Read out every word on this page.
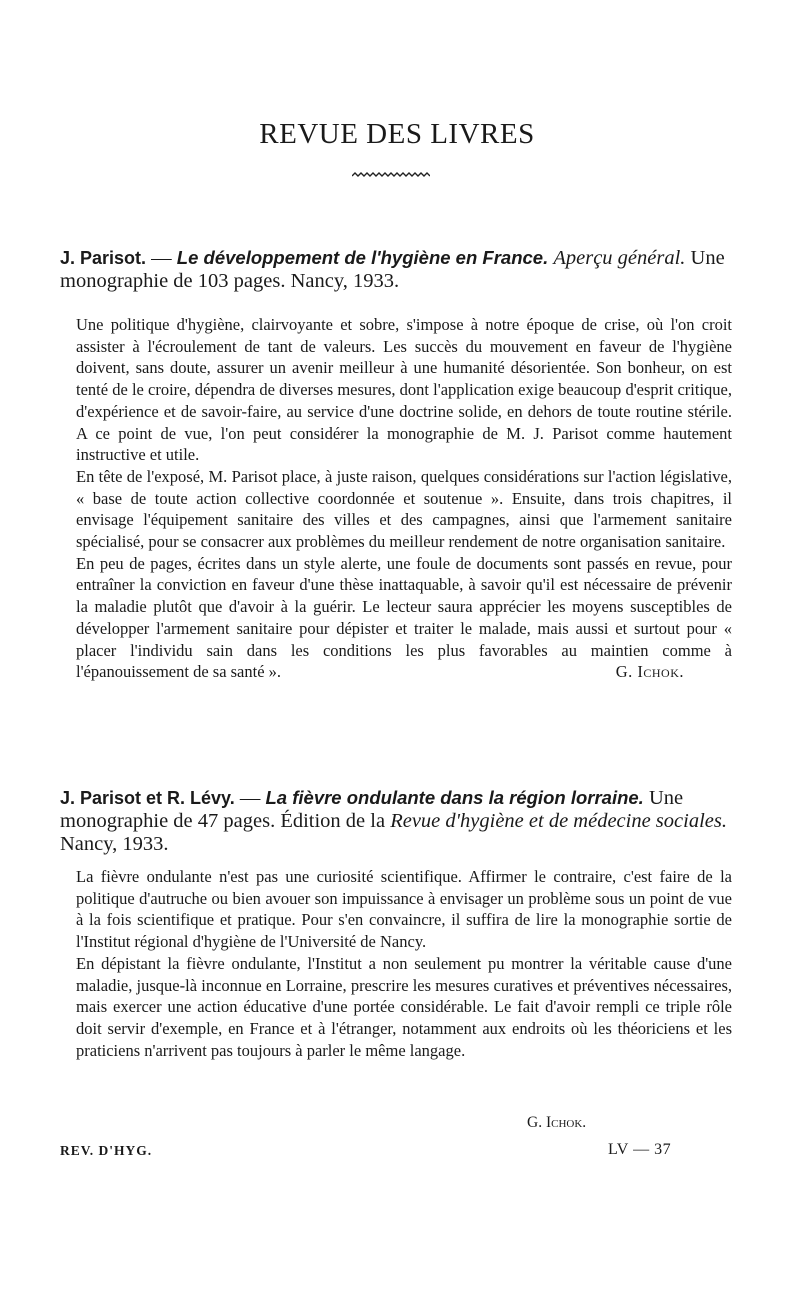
REVUE DES LIVRES
J. Parisot. — Le développement de l'hygiène en France. Aperçu général. Une monographie de 103 pages. Nancy, 1933.

Une politique d'hygiène, clairvoyante et sobre, s'impose à notre époque de crise, où l'on croit assister à l'écroulement de tant de valeurs. Les succès du mouvement en faveur de l'hygiène doivent, sans doute, assurer un avenir meilleur à une humanité désorientée. Son bonheur, on est tenté de le croire, dépendra de diverses mesures, dont l'application exige beaucoup d'esprit critique, d'expérience et de savoir-faire, au service d'une doctrine solide, en dehors de toute routine stérile. A ce point de vue, l'on peut considérer la monographie de M. J. Parisot comme hautement instructive et utile.

En tête de l'exposé, M. Parisot place, à juste raison, quelques considérations sur l'action législative, « base de toute action collective coordonnée et soutenue ». Ensuite, dans trois chapitres, il envisage l'équipement sanitaire des villes et des campagnes, ainsi que l'armement sanitaire spécialisé, pour se consacrer aux problèmes du meilleur rendement de notre organisation sanitaire.

En peu de pages, écrites dans un style alerte, une foule de documents sont passés en revue, pour entraîner la conviction en faveur d'une thèse inattaquable, à savoir qu'il est nécessaire de prévenir la maladie plutôt que d'avoir à la guérir. Le lecteur saura apprécier les moyens susceptibles de développer l'armement sanitaire pour dépister et traiter le malade, mais aussi et surtout pour « placer l'individu sain dans les conditions les plus favorables au maintien comme à l'épanouissement de sa santé ».	G. Ichok.

J. Parisot et R. Lévy. — La fièvre ondulante dans la région lorraine. Une monographie de 47 pages. Édition de la Revue d'hygiène et de médecine sociales. Nancy, 1933.

La fièvre ondulante n'est pas une curiosité scientifique. Affirmer le contraire, c'est faire de la politique d'autruche ou bien avouer son impuissance à envisager un problème sous un point de vue à la fois scientifique et pratique. Pour s'en convaincre, il suffira de lire la monographie sortie de l'Institut régional d'hygiène de l'Université de Nancy.

En dépistant la fièvre ondulante, l'Institut a non seulement pu montrer la véritable cause d'une maladie, jusque-là inconnue en Lorraine, prescrire les mesures curatives et préventives nécessaires, mais exercer une action éducative d'une portée considérable. Le fait d'avoir rempli ce triple rôle doit servir d'exemple, en France et à l'étranger, notamment aux endroits où les théoriciens et les praticiens n'arrivent pas toujours à parler le même langage.

G. Ichok.
REV. D'HYG.	LV — 37
